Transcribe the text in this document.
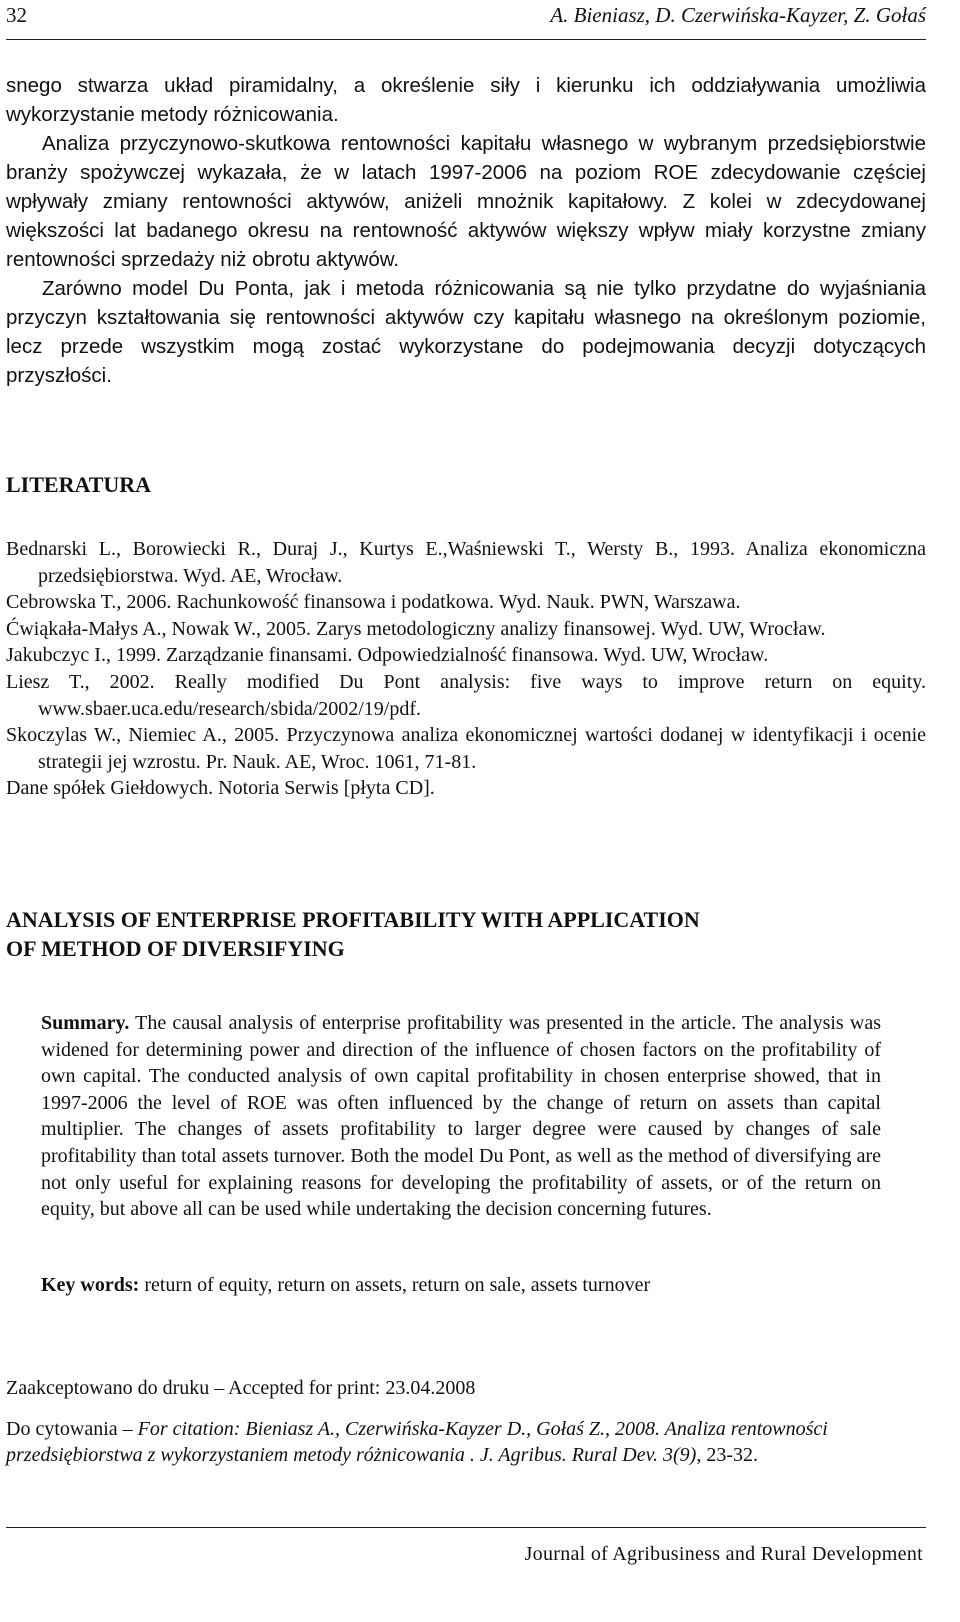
32	A. Bieniasz, D. Czerwińska-Kayzer, Z. Gołaś

snego stwarza układ piramidalny, a określenie siły i kierunku ich oddziaływania umożliwia wykorzystanie metody różnicowania.

Analiza przyczynowo-skutkowa rentowności kapitału własnego w wybranym przedsiębiorstwie branży spożywczej wykazała, że w latach 1997-2006 na poziom ROE zdecydowanie częściej wpływały zmiany rentowności aktywów, aniżeli mnożnik kapitałowy. Z kolei w zdecydowanej większości lat badanego okresu na rentowność aktywów większy wpływ miały korzystne zmiany rentowności sprzedaży niż obrotu aktywów.

Zarówno model Du Ponta, jak i metoda różnicowania są nie tylko przydatne do wyjaśniania przyczyn kształtowania się rentowności aktywów czy kapitału własnego na określonym poziomie, lecz przede wszystkim mogą zostać wykorzystane do podejmowania decyzji dotyczących przyszłości.

LITERATURA

Bednarski L., Borowiecki R., Duraj J., Kurtys E.,Waśniewski T., Wersty B., 1993. Analiza ekonomiczna przedsiębiorstwa. Wyd. AE, Wrocław.

Cebrowska T., 2006. Rachunkowość finansowa i podatkowa. Wyd. Nauk. PWN, Warszawa.

Ćwiąkała-Małys A., Nowak W., 2005. Zarys metodologiczny analizy finansowej. Wyd. UW, Wrocław.

Jakubczyc I., 1999. Zarządzanie finansami. Odpowiedzialność finansowa. Wyd. UW, Wrocław.

Liesz T., 2002. Really modified Du Pont analysis: five ways to improve return on equity. www.sbaer.uca.edu/research/sbida/2002/19/pdf.

Skoczylas W., Niemiec A., 2005. Przyczynowa analiza ekonomicznej wartości dodanej w identyfikacji i ocenie strategii jej wzrostu. Pr. Nauk. AE, Wroc. 1061, 71-81.

Dane spółek Giełdowych. Notoria Serwis [płyta CD].

ANALYSIS OF ENTERPRISE PROFITABILITY WITH APPLICATION
OF METHOD OF DIVERSIFYING

Summary. The causal analysis of enterprise profitability was presented in the article. The analysis was widened for determining power and direction of the influence of chosen factors on the profitability of own capital. The conducted analysis of own capital profitability in chosen enterprise showed, that in 1997-2006 the level of ROE was often influenced by the change of return on assets than capital multiplier. The changes of assets profitability to larger degree were caused by changes of sale profitability than total assets turnover. Both the model Du Pont, as well as the method of diversifying are not only useful for explaining reasons for developing the profitability of assets, or of the return on equity, but above all can be used while undertaking the decision concerning futures.

Key words: return of equity, return on assets, return on sale, assets turnover
Zaakceptowano do druku – Accepted for print: 23.04.2008
Do cytowania – For citation: Bieniasz A., Czerwińska-Kayzer D., Gołaś Z., 2008. Analiza rentowności przedsiębiorstwa z wykorzystaniem metody różnicowania . J. Agribus. Rural Dev. 3(9), 23-32.
Journal of Agribusiness and Rural Development
